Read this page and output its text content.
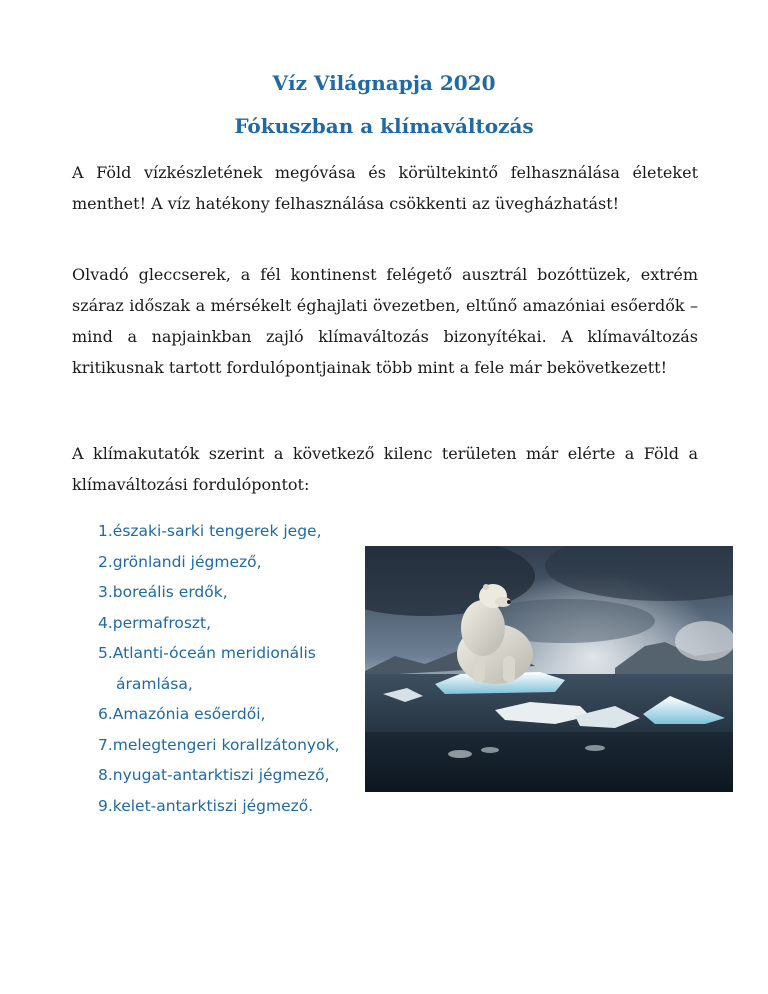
Víz Világnapja 2020
Fókuszban a klímaváltozás

A Föld vízkészletének megóvása és körültekintő felhasználása életeket menthet! A víz hatékony felhasználása csökkenti az üvegházhatást!

Olvadó gleccserek, a fél kontinenst felégető ausztrál bozóttüzek, extrém száraz időszak a mérsékelt éghajlati övezetben, eltűnő amazóniai esőerdők – mind a napjainkban zajló klímaváltozás bizonyítékai. A klímaváltozás kritikusnak tartott fordulópontjainak több mint a fele már bekövetkezett!

A klímakutatók szerint a következő kilenc területen már elérte a Föld a klímaváltozási fordulópontot:

1.északi-sarki tengerek jege,
2.grönlandi jégmező,
3.boreális erdők,
4.permafroszt,
5.Atlanti-óceán meridionális áramlása,
6.Amazónia esőerdői,
7.melegtengeri korallzátonyok,
8.nyugat-antarktiszi jégmező,
9.kelet-antarktiszi jégmező.
